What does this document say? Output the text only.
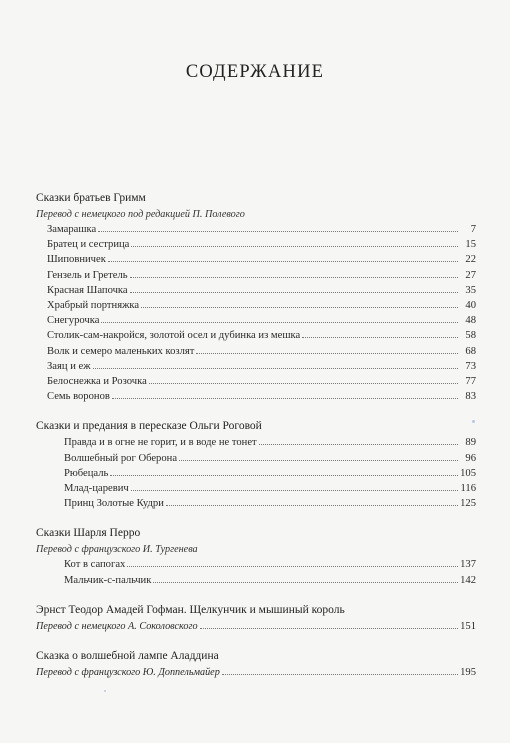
СОДЕРЖАНИЕ
Сказки братьев Гримм
Перевод с немецкого под редакцией П. Полевого
Замарашка	7
Братец и сестрица	15
Шиповничек	22
Гензель и Гретель	27
Красная Шапочка	35
Храбрый портняжка	40
Снегурочка	48
Столик-сам-накройся, золотой осел и дубинка из мешка	58
Волк и семеро маленьких козлят	68
Заяц и еж	73
Белоснежка и Розочка	77
Семь воронов	83
Сказки и предания в пересказе Ольги Роговой
Правда и в огне не горит, и в воде не тонет	89
Волшебный рог Оберона	96
Рюбецаль	105
Млад-царевич	116
Принц Золотые Кудри	125
Сказки Шарля Перро
Перевод с французского И. Тургенева
Кот в сапогах	137
Мальчик-с-пальчик	142
Эрнст Теодор Амадей Гофман. Щелкунчик и мышиный король
Перевод с немецкого А. Соколовского	151
Сказка о волшебной лампе Аладдина
Перевод с французского Ю. Доппельмайер	195
